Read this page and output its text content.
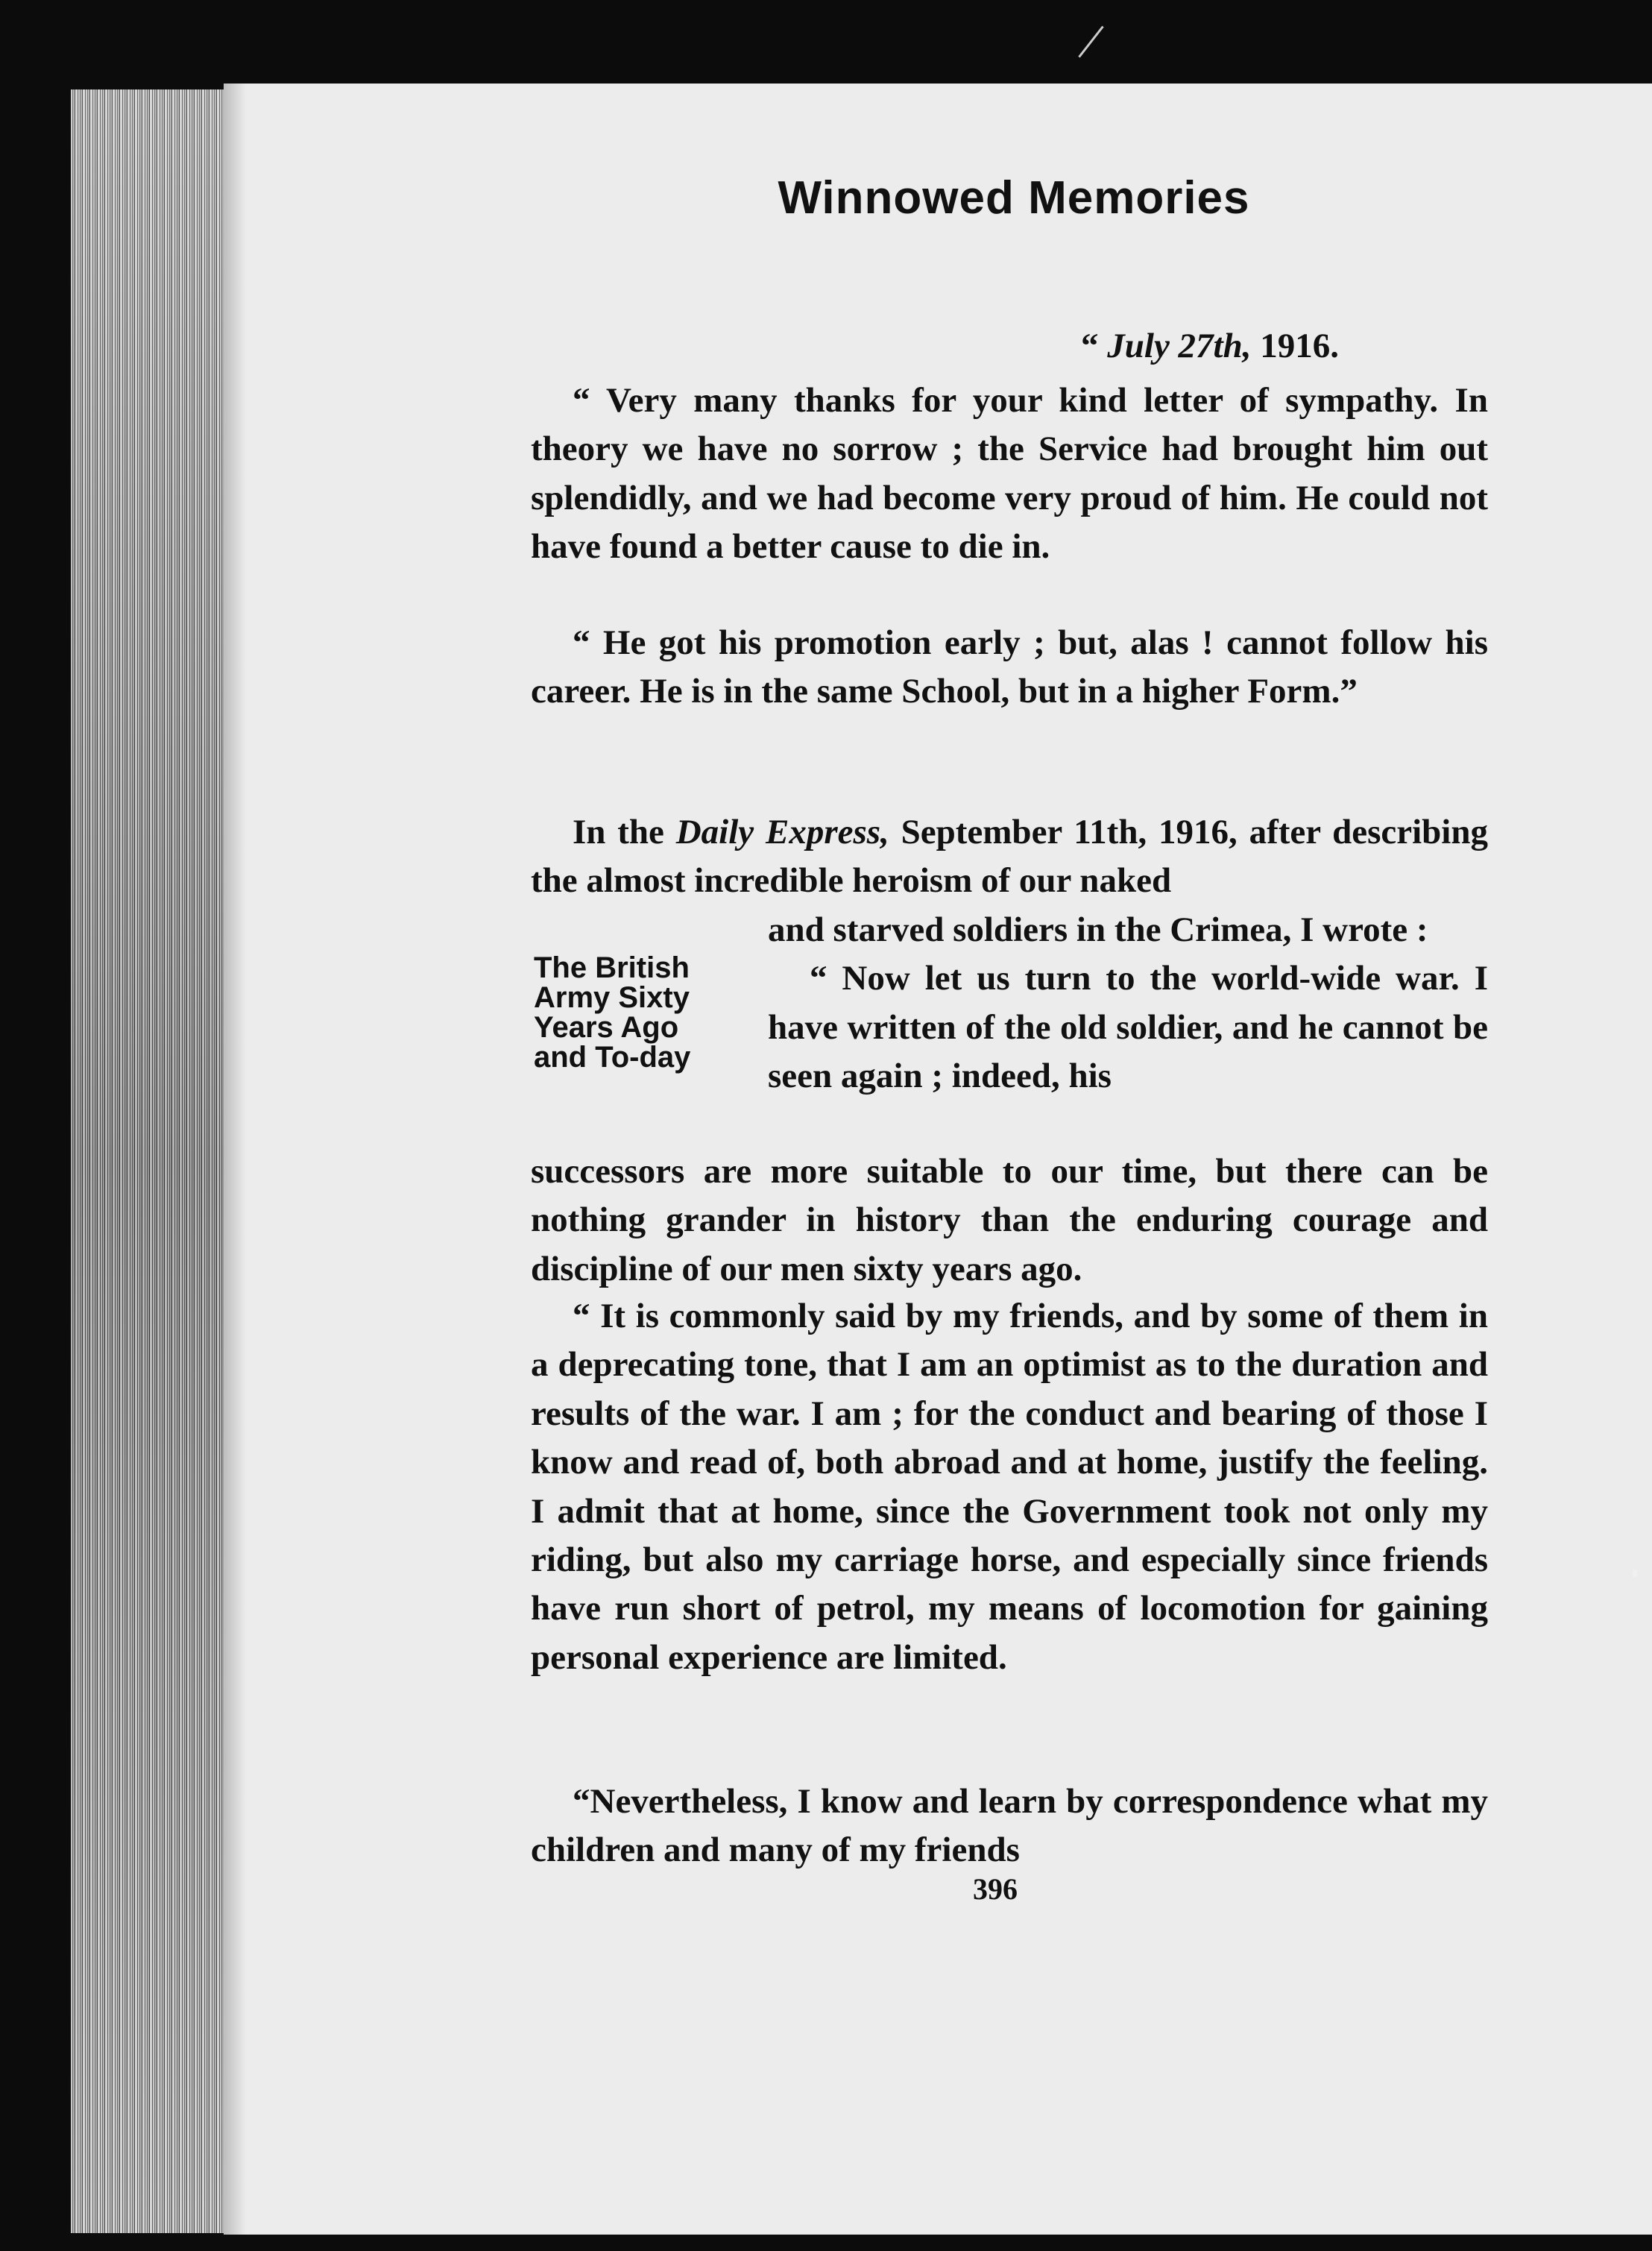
Winnowed Memories
“ July 27th, 1916.

“ Very many thanks for your kind letter of sympathy. In theory we have no sorrow ; the Service had brought him out splendidly, and we had become very proud of him. He could not have found a better cause to die in.

“ He got his promotion early ; but, alas ! cannot follow his career. He is in the same School, but in a higher Form.”

In the Daily Express, September 11th, 1916, after describing the almost incredible heroism of our naked

The British
Army Sixty
Years Ago
and To-day

and starved soldiers in the Crimea, I wrote :

“ Now let us turn to the world-wide war. I have written of the old soldier, and he cannot be seen again ; indeed, his

successors are more suitable to our time, but there can be nothing grander in history than the enduring courage and discipline of our men sixty years ago.

“ It is commonly said by my friends, and by some of them in a deprecating tone, that I am an optimist as to the duration and results of the war. I am ; for the conduct and bearing of those I know and read of, both abroad and at home, justify the feeling. I admit that at home, since the Government took not only my riding, but also my carriage horse, and especially since friends have run short of petrol, my means of locomotion for gaining personal experience are limited.

“Nevertheless, I know and learn by correspondence what my children and many of my friends

396
